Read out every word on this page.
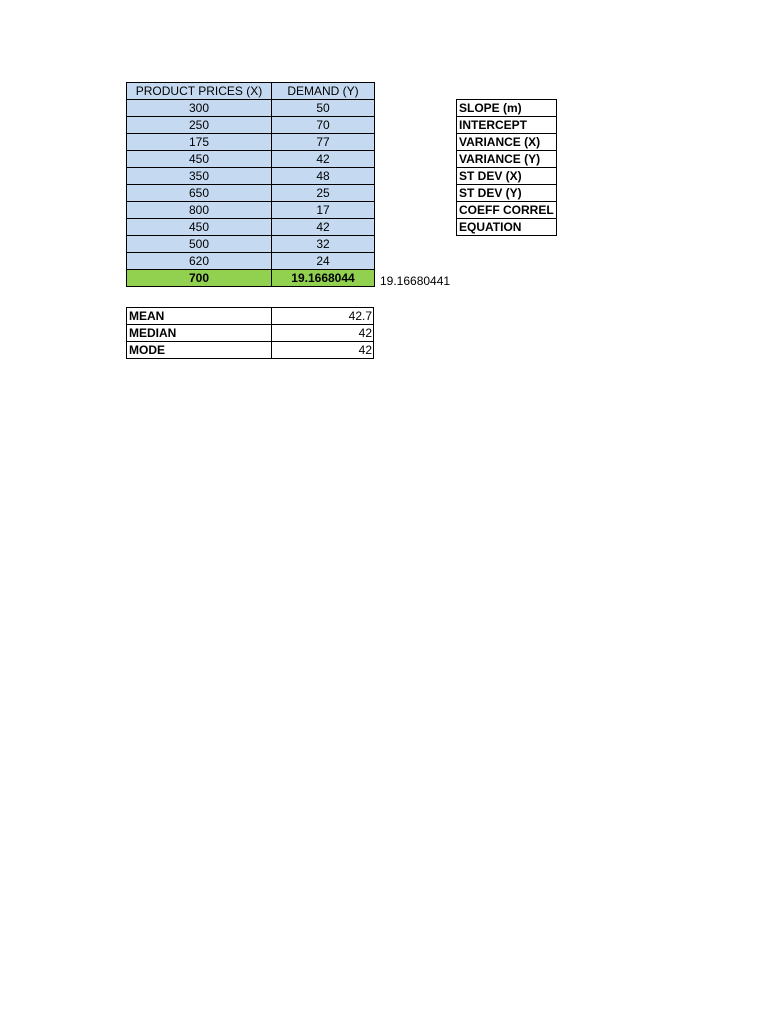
PRODUCT PRICES (X)	DEMAND (Y)
300	50
250	70
175	77
450	42
350	48
650	25
800	17
450	42
500	32
620	24
700	19.1668044 19.16680441
SLOPE (m)
INTERCEPT
VARIANCE (X)
VARIANCE (Y)
ST DEV (X)
ST DEV (Y)
COEFF CORREL
EQUATION
MEAN	42.7
MEDIAN	42
MODE	42
